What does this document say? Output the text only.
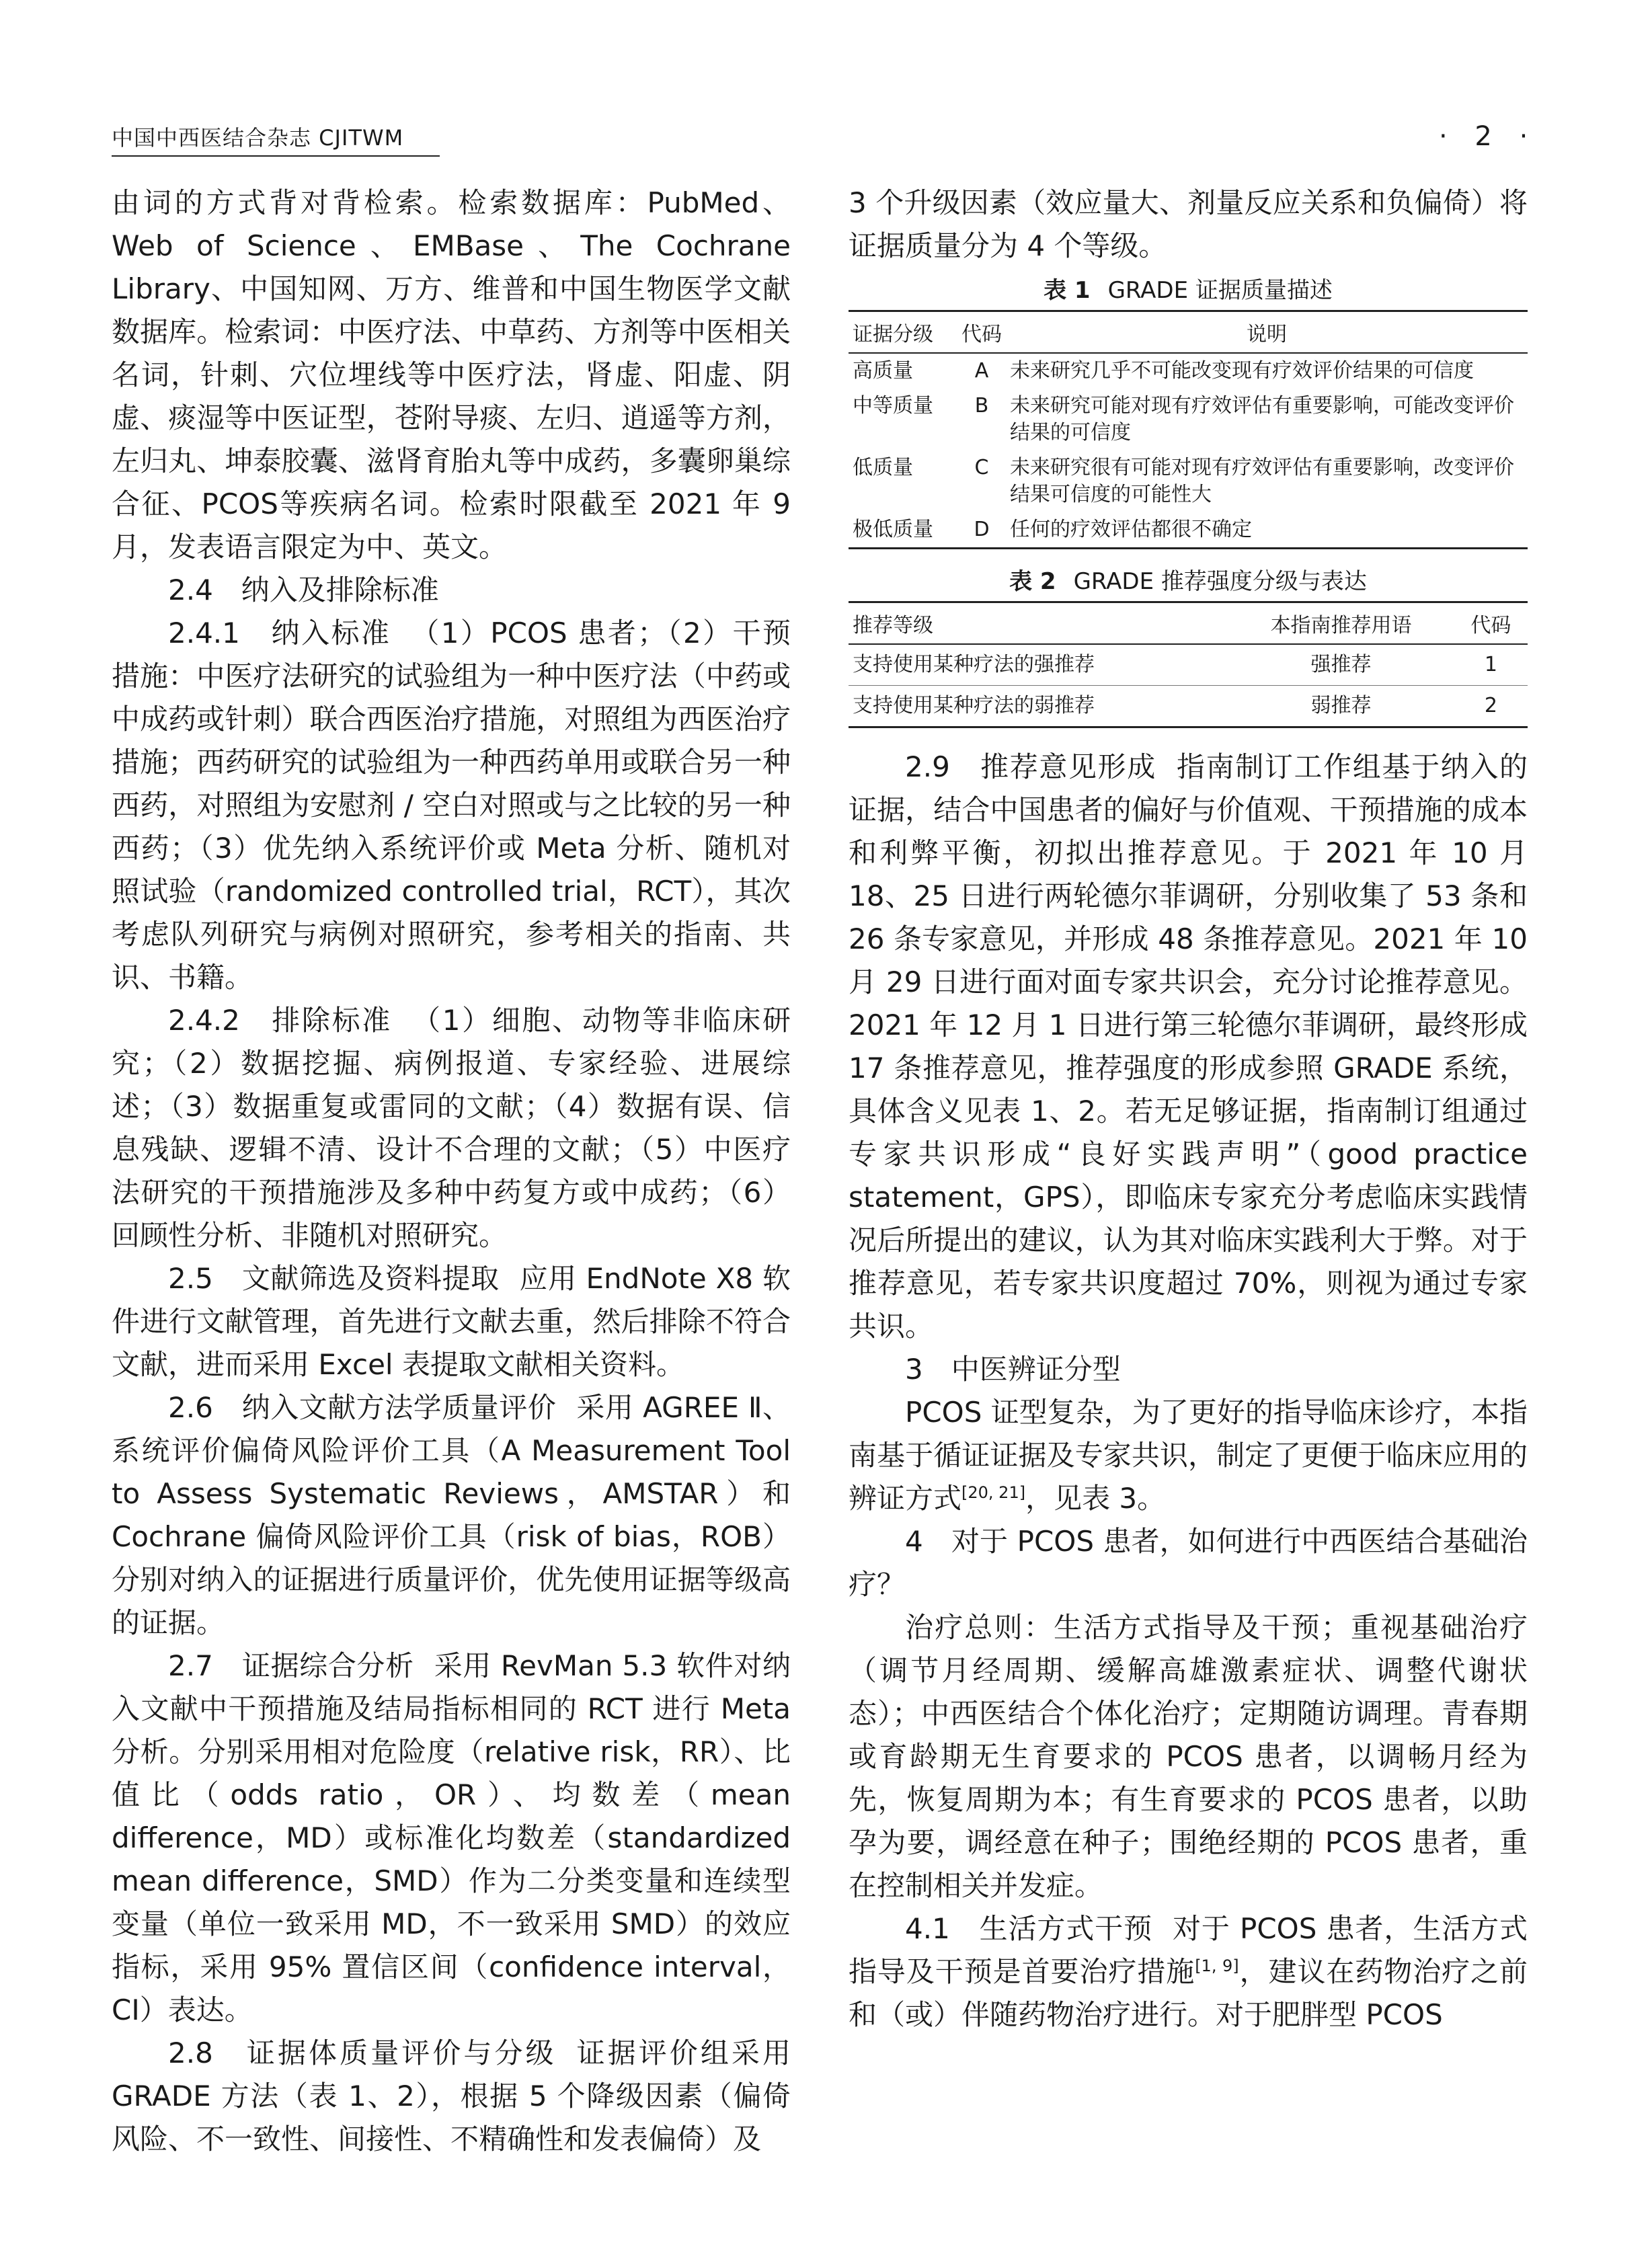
中国中西医结合杂志 CJITWM	· 2 ·

由词的方式背对背检索。检索数据库：PubMed、Web of Science、EMBase、The Cochrane Library、中国知网、万方、维普和中国生物医学文献数据库。检索词：中医疗法、中草药、方剂等中医相关名词，针刺、穴位埋线等中医疗法，肾虚、阳虚、阴虚、痰湿等中医证型，苍附导痰、左归、逍遥等方剂，左归丸、坤泰胶囊、滋肾育胎丸等中成药，多囊卵巢综合征、PCOS等疾病名词。检索时限截至 2021 年 9 月，发表语言限定为中、英文。

2.4　纳入及排除标准

2.4.1　纳入标准 （1）PCOS 患者；（2）干预措施：中医疗法研究的试验组为一种中医疗法（中药或中成药或针刺）联合西医治疗措施，对照组为西医治疗措施；西药研究的试验组为一种西药单用或联合另一种西药，对照组为安慰剂 / 空白对照或与之比较的另一种西药；（3）优先纳入系统评价或 Meta 分析、随机对照试验（randomized controlled trial，RCT），其次考虑队列研究与病例对照研究，参考相关的指南、共识、书籍。

2.4.2　排除标准 （1）细胞、动物等非临床研究；（2）数据挖掘、病例报道、专家经验、进展综述；（3）数据重复或雷同的文献；（4）数据有误、信息残缺、逻辑不清、设计不合理的文献；（5）中医疗法研究的干预措施涉及多种中药复方或中成药；（6）回顾性分析、非随机对照研究。

2.5　文献筛选及资料提取 应用 EndNote X8 软件进行文献管理，首先进行文献去重，然后排除不符合文献，进而采用 Excel 表提取文献相关资料。

2.6　纳入文献方法学质量评价 采用 AGREE Ⅱ、系统评价偏倚风险评价工具（A Measurement Tool to Assess Systematic Reviews，AMSTAR）和 Cochrane 偏倚风险评价工具（risk of bias，ROB）分别对纳入的证据进行质量评价，优先使用证据等级高的证据。

2.7　证据综合分析 采用 RevMan 5.3 软件对纳入文献中干预措施及结局指标相同的 RCT 进行 Meta 分析。分别采用相对危险度（relative risk，RR）、比值比（odds ratio，OR）、均数差（mean difference，MD）或标准化均数差（standardized mean difference，SMD）作为二分类变量和连续型变量（单位一致采用 MD，不一致采用 SMD）的效应指标，采用 95% 置信区间（confidence interval，CI）表达。

2.8　证据体质量评价与分级 证据评价组采用 GRADE 方法（表 1、2），根据 5 个降级因素（偏倚风险、不一致性、间接性、不精确性和发表偏倚）及

3 个升级因素（效应量大、剂量反应关系和负偏倚）将证据质量分为 4 个等级。

表 1 GRADE 证据质量描述
证据分级	代码	说明
高质量	A	未来研究几乎不可能改变现有疗效评价结果的可信度
中等质量	B	未来研究可能对现有疗效评估有重要影响，可能改变评价结果的可信度
低质量	C	未来研究很有可能对现有疗效评估有重要影响，改变评价结果可信度的可能性大
极低质量	D	任何的疗效评估都很不确定
表 2 GRADE 推荐强度分级与表达
推荐等级	本指南推荐用语	代码
支持使用某种疗法的强推荐	强推荐	1
支持使用某种疗法的弱推荐	弱推荐	2

2.9　推荐意见形成 指南制订工作组基于纳入的证据，结合中国患者的偏好与价值观、干预措施的成本和利弊平衡，初拟出推荐意见。于 2021 年 10 月 18、25 日进行两轮德尔菲调研，分别收集了 53 条和 26 条专家意见，并形成 48 条推荐意见。2021 年 10 月 29 日进行面对面专家共识会，充分讨论推荐意见。2021 年 12 月 1 日进行第三轮德尔菲调研，最终形成 17 条推荐意见，推荐强度的形成参照 GRADE 系统，具体含义见表 1、2。若无足够证据，指南制订组通过专家共识形成“良好实践声明”（good practice statement，GPS），即临床专家充分考虑临床实践情况后所提出的建议，认为其对临床实践利大于弊。对于推荐意见，若专家共识度超过 70%，则视为通过专家共识。

3　中医辨证分型

PCOS 证型复杂，为了更好的指导临床诊疗，本指南基于循证证据及专家共识，制定了更便于临床应用的辨证方式[20, 21]，见表 3。

4　对于 PCOS 患者，如何进行中西医结合基础治疗？

治疗总则：生活方式指导及干预；重视基础治疗（调节月经周期、缓解高雄激素症状、调整代谢状态）；中西医结合个体化治疗；定期随访调理。青春期或育龄期无生育要求的 PCOS 患者，以调畅月经为先，恢复周期为本；有生育要求的 PCOS 患者，以助孕为要，调经意在种子；围绝经期的 PCOS 患者，重在控制相关并发症。

4.1　生活方式干预 对于 PCOS 患者，生活方式指导及干预是首要治疗措施[1, 9]，建议在药物治疗之前和（或）伴随药物治疗进行。对于肥胖型 PCOS
